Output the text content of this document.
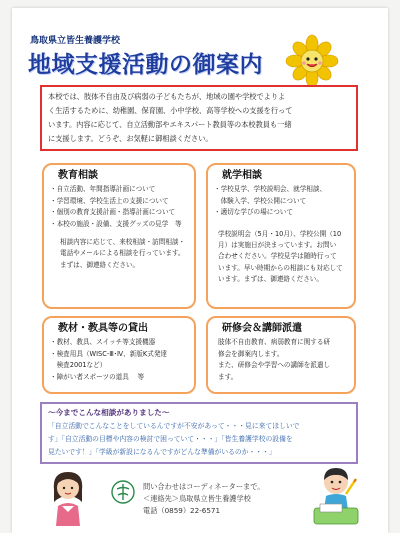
鳥取県立皆生養護学校
地域支援活動の御案内
本校では、肢体不自由及び病弱の子どもたちが、地域の園や学校でよりよ
く生活するために、幼稚園、保育園、小中学校、高等学校への支援を行って
います。内容に応じて、自立活動部やエキスパート教員等の本校教員も一緒
に支援します。どうぞ、お気軽に御相談ください。
教育相談
・自立活動、年間指導計画について
・学習環境、学校生活上の支援について
・個別の教育支援計画・指導計画について
・本校の施設・設備、支援グッズの見学　等
相談内容に応じて、来校相談・訪問相談・
電話やメールによる相談を行っています。
まずは、御連絡ください。
就学相談
・学校見学、学校説明会、就学相談、
　体験入学、学校公開について
・適切な学びの場について
学校説明会（5月・10月）、学校公開（10
月）は実施日が決まっています。お問い
合わせください。学校見学は随時行って
います。早い時期からの相談にも対応して
います。まずは、御連絡ください。
教材・教具等の貸出
・教材、教具、スイッチ等支援機器
・検査用具（WISC-Ⅲ･Ⅳ、新版K式発達
　検査2001など）
・障がい者スポーツの道具　 等
研修会＆講師派遣
肢体不自由教育、病弱教育に関する研
修会を御案内します。
また、研修会や学習への講師を派遣し
ます。
～今までこんな相談がありました～
「自立活動でこんなことをしているんですが不安があって・・・見に来てほしいで
す」「自立活動の目標や内容の検討で困っていて・・・」「皆生養護学校の設備を
見たいです！」「学級が新設になるんですがどんな準備がいるのか・・・」
問い合わせはコーディネーターまで。
＜連絡先＞鳥取県立皆生養護学校
電話（0859）22-6571
